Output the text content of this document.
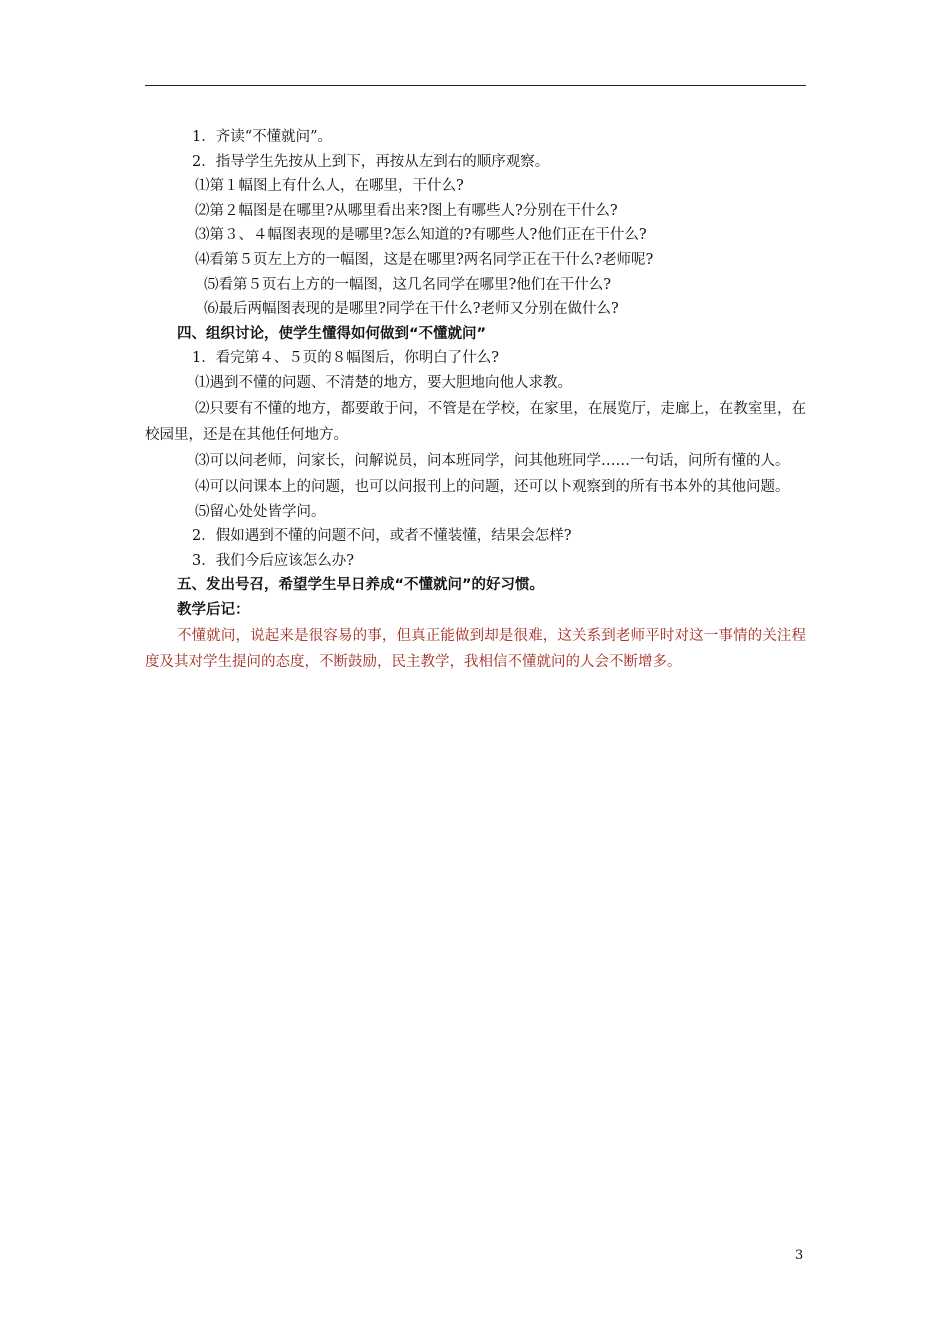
1．齐读“不懂就问”。
2．指导学生先按从上到下，再按从左到右的顺序观察。
⑴第１幅图上有什么人，在哪里，干什么?
⑵第２幅图是在哪里?从哪里看出来?图上有哪些人?分别在干什么?
⑶第３、４幅图表现的是哪里?怎么知道的?有哪些人?他们正在干什么?
⑷看第５页左上方的一幅图，这是在哪里?两名同学正在干什么?老师呢?
⑸看第５页右上方的一幅图，这几名同学在哪里?他们在干什么?
⑹最后两幅图表现的是哪里?同学在干什么?老师又分别在做什么?
四、组织讨论，使学生懂得如何做到“不懂就问”
1．看完第４、５页的８幅图后，你明白了什么?
⑴遇到不懂的问题、不清楚的地方，要大胆地向他人求教。

⑵只要有不懂的地方，都要敢于问，不管是在学校，在家里，在展览厅，走廊上，在教室里，在校园里，还是在其他任何地方。

⑶可以问老师，问家长，问解说员，问本班同学，问其他班同学……一句话，问所有懂的人。

⑷可以问课本上的问题，也可以问报刊上的问题，还可以卜观察到的所有书本外的其他问题。

⑸留心处处皆学问。
2．假如遇到不懂的问题不问，或者不懂装懂，结果会怎样?
3．我们今后应该怎么办?
五、发出号召，希望学生早日养成“不懂就问”的好习惯。
教学后记：

不懂就问，说起来是很容易的事，但真正能做到却是很难，这关系到老师平时对这一事情的关注程度及其对学生提问的态度，不断鼓励，民主教学，我相信不懂就问的人会不断增多。

3
